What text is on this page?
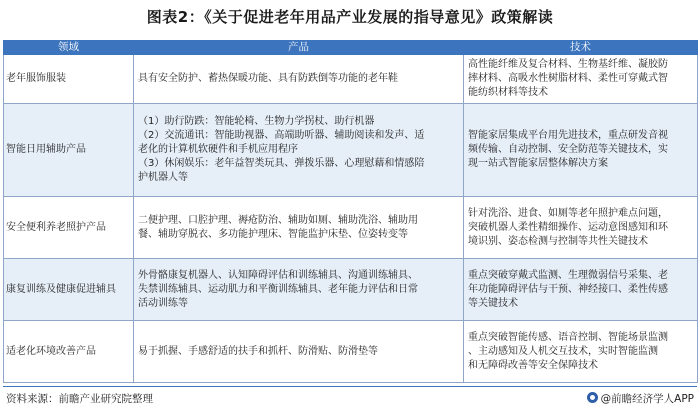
图表2：《关于促进老年用品产业发展的指导意见》政策解读
领域	产品	技术
老年服饰服装	具有安全防护、蓄热保暖功能、具有防跌倒等功能的老年鞋	高性能纤维及复合材料、生物基纤维、凝胶防
摔材料、高吸水性树脂材料、柔性可穿戴式智
能纺织材料等技术

智能日用辅助产品	（1）助行防跌：智能轮椅、生物力学拐杖、助行机器
（2）交流通讯：智能助视器、高端助听器、辅助阅读和发声、适
老化的计算机软硬件和手机应用程序
（3）休闲娱乐：老年益智类玩具、弹拨乐器、心理慰藉和情感陪
护机器人等	智能家居集成平台用先进技术，重点研发音视
频传输、自动控制、安全防范等关键技术，实
现一站式智能家居整体解决方案

安全便利养老照护产品	二便护理、口腔护理、褥疮防治、辅助如厕、辅助洗浴、辅助用
餐、辅助穿脱衣、多功能护理床、智能监护床垫、位姿转变等	针对洗浴、进食、如厕等老年照护难点问题，
突破机器人柔性精细操作、运动意图感知和环
境识别、姿态检测与控制等共性关键技术

康复训练及健康促进辅具	外骨骼康复机器人、认知障碍评估和训练辅具、沟通训练辅具、
失禁训练辅具、运动肌力和平衡训练辅具、老年能力评估和日常
活动训练等	重点突破穿戴式监测、生理微弱信号采集、老
年功能障碍评估与干预、神经接口、柔性传感
等关键技术

适老化环境改善产品	易于抓握、手感舒适的扶手和抓杆、防滑贴、防滑垫等	重点突破智能传感、语音控制、智能场景监测
、主动感知及人机交互技术，实时智能监测
和无障碍改善等安全保障技术
资料来源：前瞻产业研究院整理	@前瞻经济学人APP
